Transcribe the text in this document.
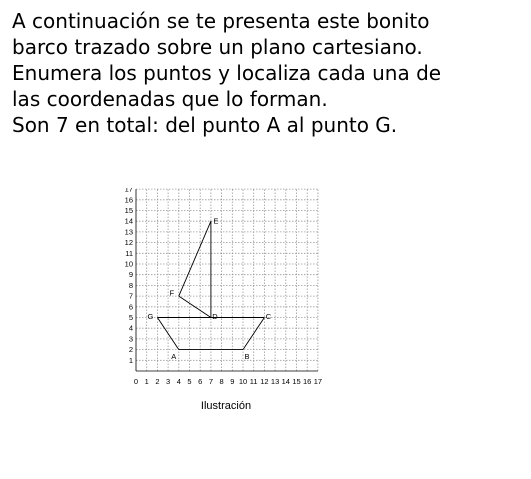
A continuación se te presenta este bonito
barco trazado sobre un plano cartesiano.
Enumera los puntos y localiza cada una de
las coordenadas que lo forman.
Son 7 en total: del punto A al punto G.
0 1 2 3 4 5 6 7 8 9 10 11 12 13 14 15 16 17
1
2
3
4
5
6
7
8
9
10
11
12
13
14
15
16
17
A	B
C
D
E
F
G
Ilustración
